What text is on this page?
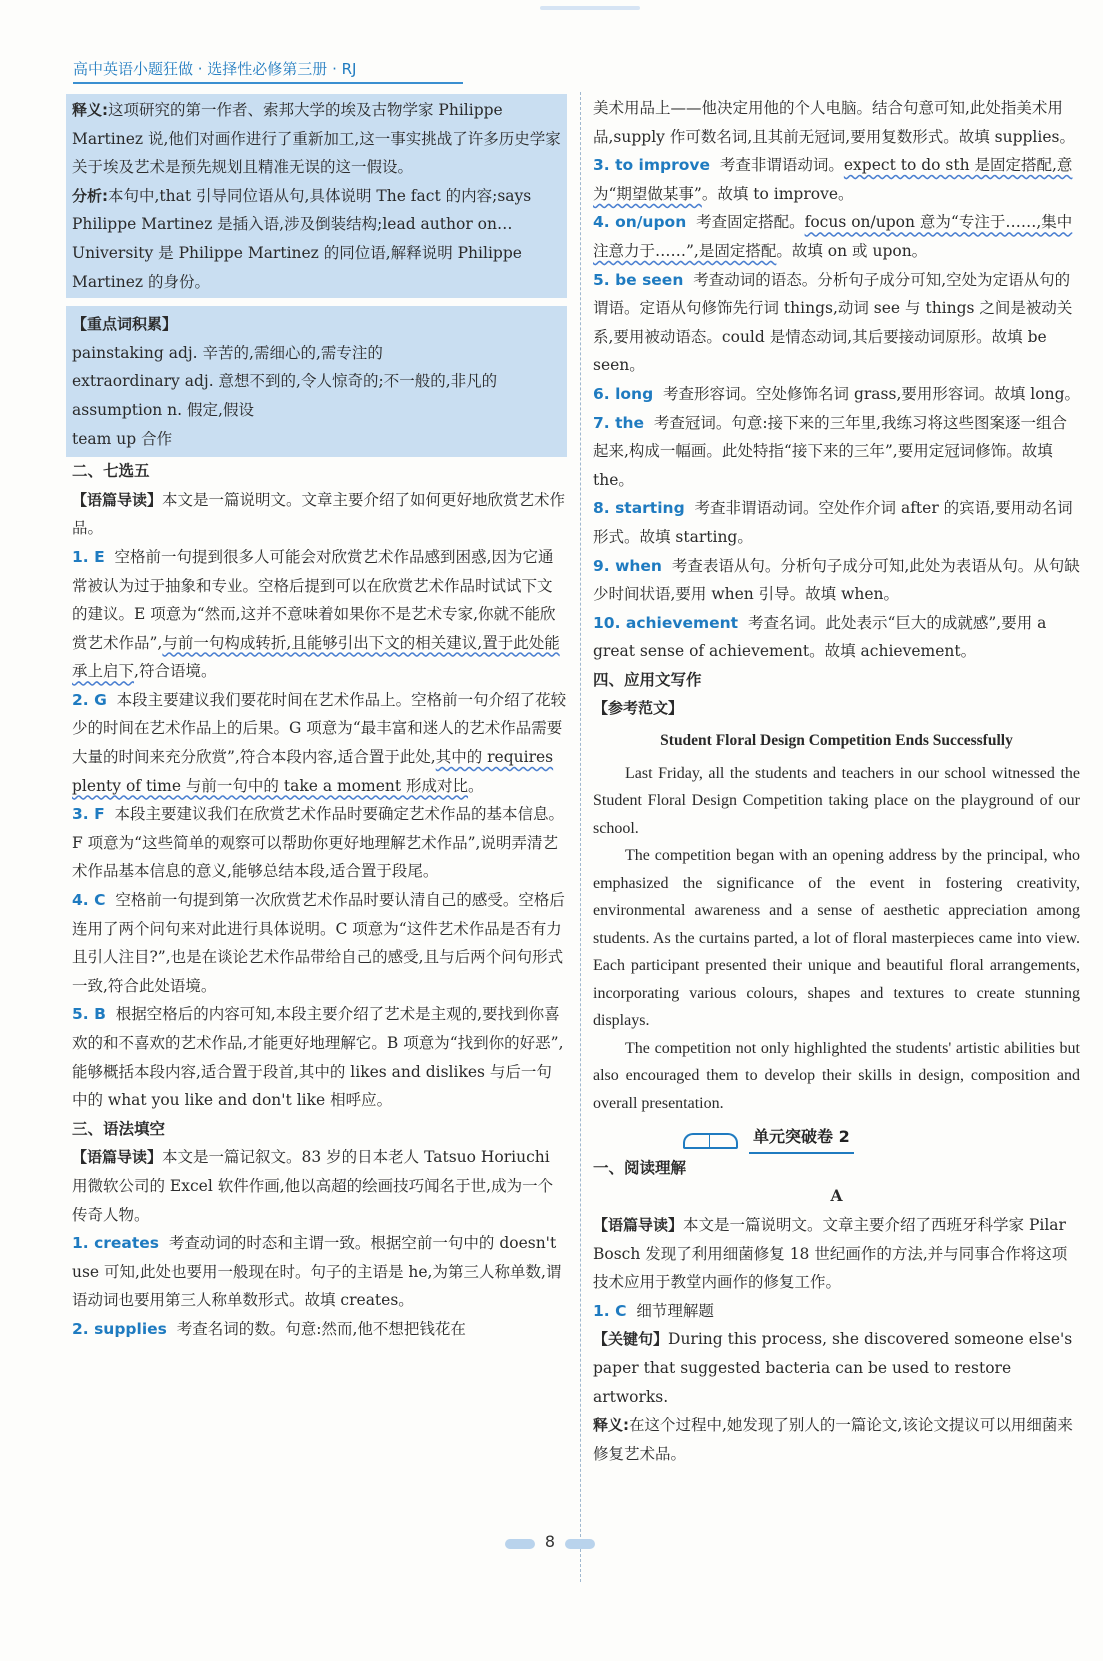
高中英语小题狂做 · 选择性必修第三册 · RJ

释义:这项研究的第一作者、索邦大学的埃及古物学家 Philippe Martinez 说,他们对画作进行了重新加工,这一事实挑战了许多历史学家关于埃及艺术是预先规划且精准无误的这一假设。

分析:本句中,that 引导同位语从句,具体说明 The fact 的内容;says Philippe Martinez 是插入语,涉及倒装结构;lead author on…University 是 Philippe Martinez 的同位语,解释说明 Philippe Martinez 的身份。

【重点词积累】

painstaking adj. 辛苦的,需细心的,需专注的

extraordinary adj. 意想不到的,令人惊奇的;不一般的,非凡的

assumption n. 假定,假设

team up 合作

二、七选五

【语篇导读】本文是一篇说明文。文章主要介绍了如何更好地欣赏艺术作品。

1. E 空格前一句提到很多人可能会对欣赏艺术作品感到困惑,因为它通常被认为过于抽象和专业。空格后提到可以在欣赏艺术作品时试试下文的建议。E 项意为“然而,这并不意味着如果你不是艺术专家,你就不能欣赏艺术作品”,与前一句构成转折,且能够引出下文的相关建议,置于此处能承上启下,符合语境。

2. G 本段主要建议我们要花时间在艺术作品上。空格前一句介绍了花较少的时间在艺术作品上的后果。G 项意为“最丰富和迷人的艺术作品需要大量的时间来充分欣赏”,符合本段内容,适合置于此处,其中的 requires plenty of time 与前一句中的 take a moment 形成对比。

3. F 本段主要建议我们在欣赏艺术作品时要确定艺术作品的基本信息。F 项意为“这些简单的观察可以帮助你更好地理解艺术作品”,说明弄清艺术作品基本信息的意义,能够总结本段,适合置于段尾。

4. C 空格前一句提到第一次欣赏艺术作品时要认清自己的感受。空格后连用了两个问句来对此进行具体说明。C 项意为“这件艺术作品是否有力且引人注目?”,也是在谈论艺术作品带给自己的感受,且与后两个问句形式一致,符合此处语境。

5. B 根据空格后的内容可知,本段主要介绍了艺术是主观的,要找到你喜欢的和不喜欢的艺术作品,才能更好地理解它。B 项意为“找到你的好恶”,能够概括本段内容,适合置于段首,其中的 likes and dislikes 与后一句中的 what you like and don't like 相呼应。

三、语法填空

【语篇导读】本文是一篇记叙文。83 岁的日本老人 Tatsuo Horiuchi 用微软公司的 Excel 软件作画,他以高超的绘画技巧闻名于世,成为一个传奇人物。

1. creates 考查动词的时态和主谓一致。根据空前一句中的 doesn't use 可知,此处也要用一般现在时。句子的主语是 he,为第三人称单数,谓语动词也要用第三人称单数形式。故填 creates。

2. supplies 考查名词的数。句意:然而,他不想把钱花在

美术用品上——他决定用他的个人电脑。结合句意可知,此处指美术用品,supply 作可数名词,且其前无冠词,要用复数形式。故填 supplies。

3. to improve 考查非谓语动词。expect to do sth 是固定搭配,意为“期望做某事”。故填 to improve。

4. on/upon 考查固定搭配。focus on/upon 意为“专注于……,集中注意力于……”,是固定搭配。故填 on 或 upon。

5. be seen 考查动词的语态。分析句子成分可知,空处为定语从句的谓语。定语从句修饰先行词 things,动词 see 与 things 之间是被动关系,要用被动语态。could 是情态动词,其后要接动词原形。故填 be seen。

6. long 考查形容词。空处修饰名词 grass,要用形容词。故填 long。

7. the 考查冠词。句意:接下来的三年里,我练习将这些图案逐一组合起来,构成一幅画。此处特指“接下来的三年”,要用定冠词修饰。故填 the。

8. starting 考查非谓语动词。空处作介词 after 的宾语,要用动名词形式。故填 starting。

9. when 考查表语从句。分析句子成分可知,此处为表语从句。从句缺少时间状语,要用 when 引导。故填 when。

10. achievement 考查名词。此处表示“巨大的成就感”,要用 a great sense of achievement。故填 achievement。

四、应用文写作

【参考范文】

Student Floral Design Competition Ends Successfully

Last Friday, all the students and teachers in our school witnessed the Student Floral Design Competition taking place on the playground of our school.

The competition began with an opening address by the principal, who emphasized the significance of the event in fostering creativity, environmental awareness and a sense of aesthetic appreciation among students. As the curtains parted, a lot of floral masterpieces came into view. Each participant presented their unique and beautiful floral arrangements, incorporating various colours, shapes and textures to create stunning displays.

The competition not only highlighted the students' artistic abilities but also encouraged them to develop their skills in design, composition and overall presentation.

单元突破卷 2

一、阅读理解

A

【语篇导读】本文是一篇说明文。文章主要介绍了西班牙科学家 Pilar Bosch 发现了利用细菌修复 18 世纪画作的方法,并与同事合作将这项技术应用于教堂内画作的修复工作。

1. C 细节理解题

【关键句】During this process, she discovered someone else's paper that suggested bacteria can be used to restore artworks.

释义:在这个过程中,她发现了别人的一篇论文,该论文提议可以用细菌来修复艺术品。

8
